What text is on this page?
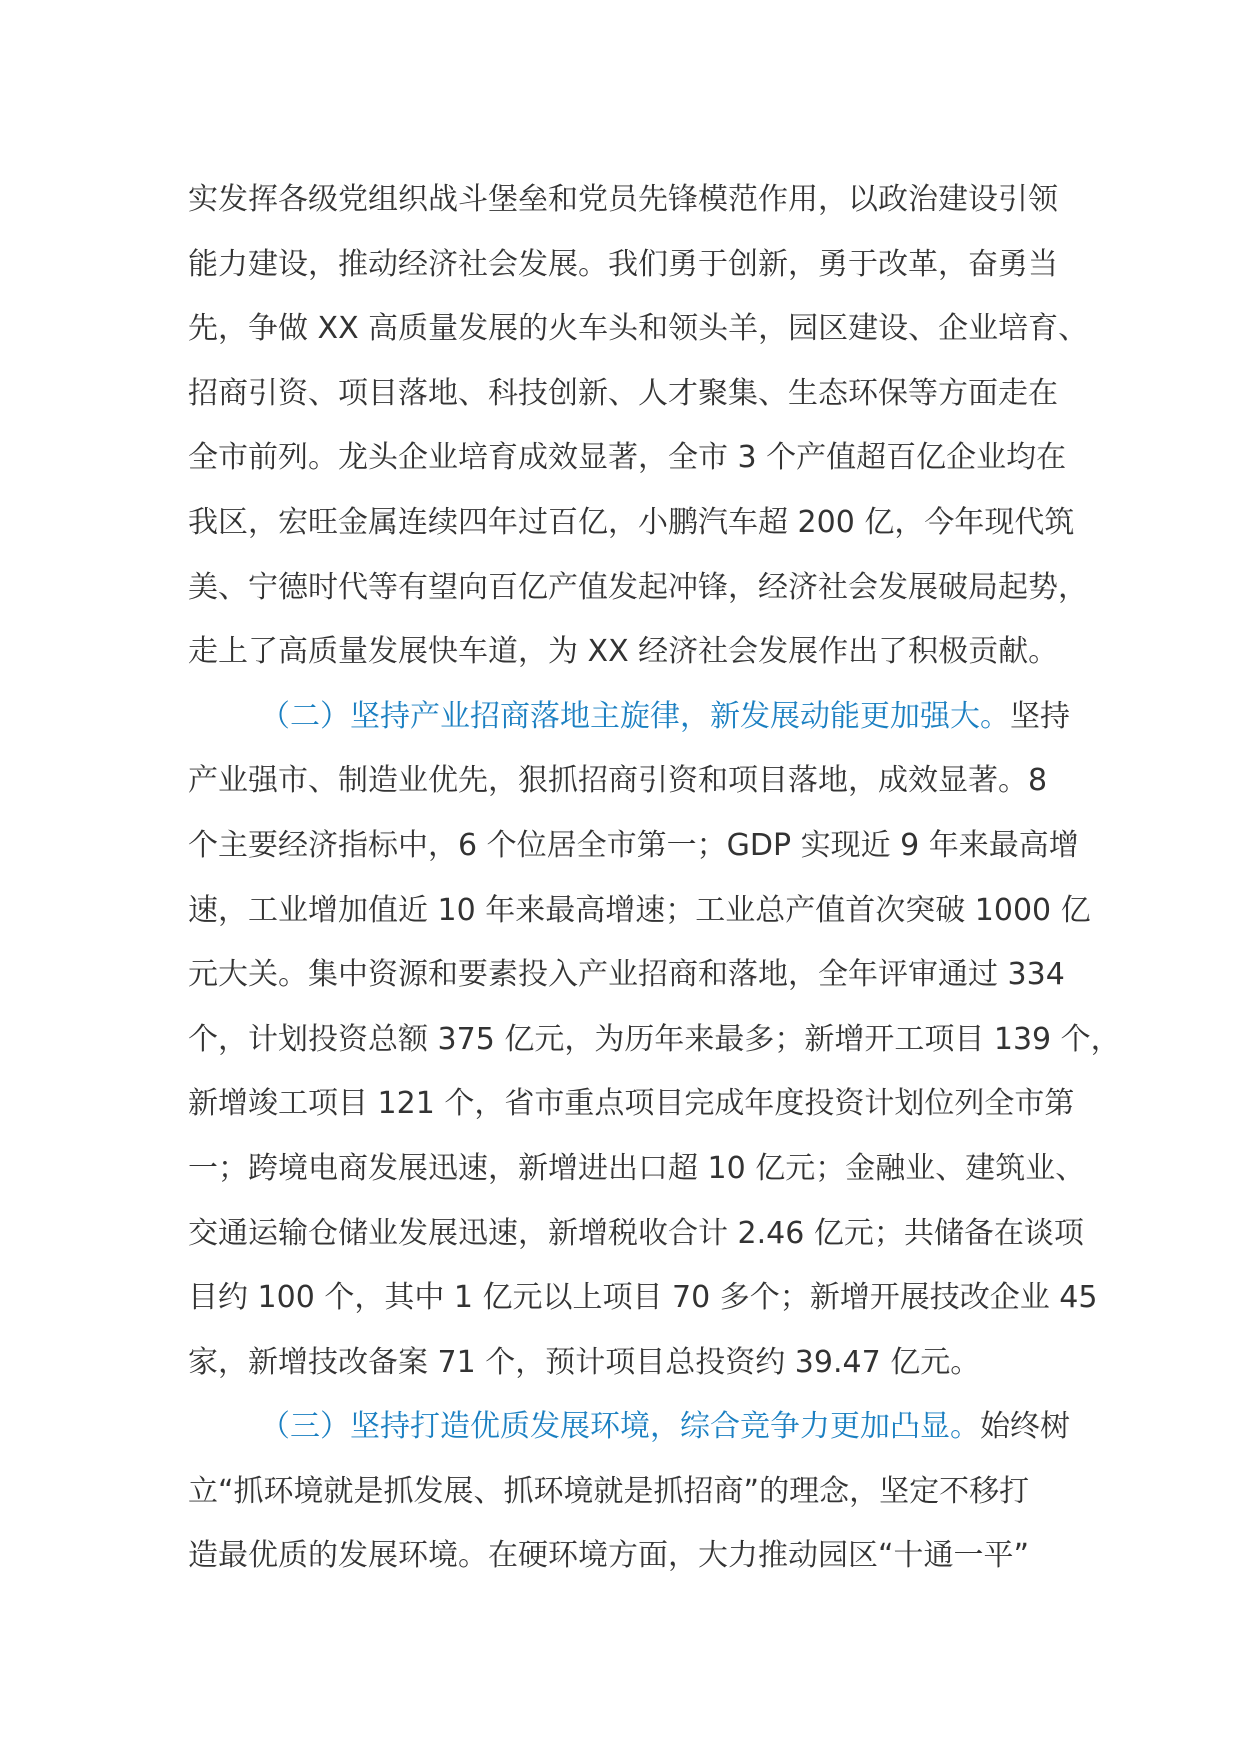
实发挥各级党组织战斗堡垒和党员先锋模范作用，以政治建设引领
能力建设，推动经济社会发展。我们勇于创新，勇于改革，奋勇当
先，争做 XX 高质量发展的火车头和领头羊，园区建设、企业培育、
招商引资、项目落地、科技创新、人才聚集、生态环保等方面走在
全市前列。龙头企业培育成效显著，全市 3 个产值超百亿企业均在
我区，宏旺金属连续四年过百亿，小鹏汽车超 200 亿，今年现代筑
美、宁德时代等有望向百亿产值发起冲锋，经济社会发展破局起势，
走上了高质量发展快车道，为 XX 经济社会发展作出了积极贡献。
（二）坚持产业招商落地主旋律，新发展动能更加强大。坚持
产业强市、制造业优先，狠抓招商引资和项目落地，成效显著。8
个主要经济指标中，6 个位居全市第一；GDP 实现近 9 年来最高增
速，工业增加值近 10 年来最高增速；工业总产值首次突破 1000 亿
元大关。集中资源和要素投入产业招商和落地，全年评审通过 334
个，计划投资总额 375 亿元，为历年来最多；新增开工项目 139 个，
新增竣工项目 121 个，省市重点项目完成年度投资计划位列全市第
一；跨境电商发展迅速，新增进出口超 10 亿元；金融业、建筑业、
交通运输仓储业发展迅速，新增税收合计 2.46 亿元；共储备在谈项
目约 100 个，其中 1 亿元以上项目 70 多个；新增开展技改企业 45
家，新增技改备案 71 个，预计项目总投资约 39.47 亿元。
（三）坚持打造优质发展环境，综合竞争力更加凸显。始终树
立“抓环境就是抓发展、抓环境就是抓招商”的理念，坚定不移打
造最优质的发展环境。在硬环境方面，大力推动园区“十通一平”
